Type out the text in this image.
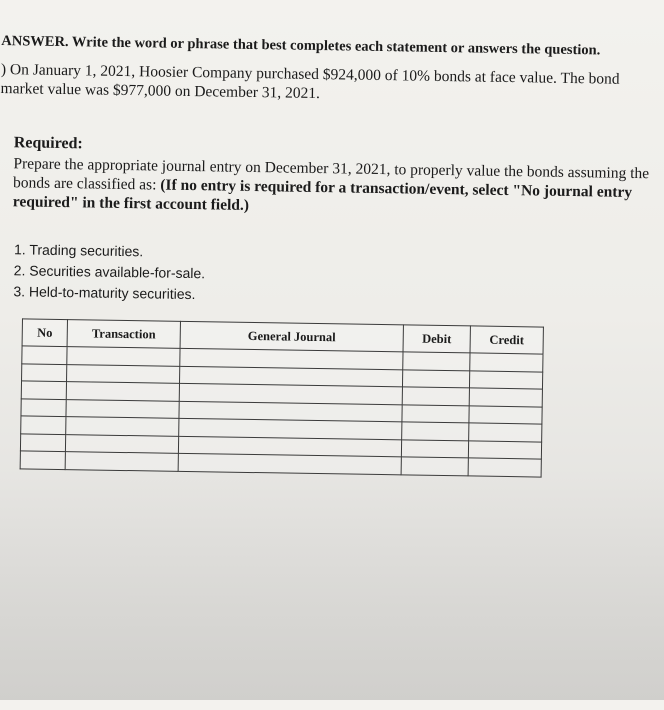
ANSWER. Write the word or phrase that best completes each statement or answers the question.
) On January 1, 2021, Hoosier Company purchased $924,000 of 10% bonds at face value. The bond market value was $977,000 on December 31, 2021.
Required:
Prepare the appropriate journal entry on December 31, 2021, to properly value the bonds assuming the bonds are classified as: (If no entry is required for a transaction/event, select "No journal entry required" in the first account field.)
1. Trading securities.
2. Securities available-for-sale.
3. Held-to-maturity securities.
No	Transaction	General Journal	Debit	Credit
